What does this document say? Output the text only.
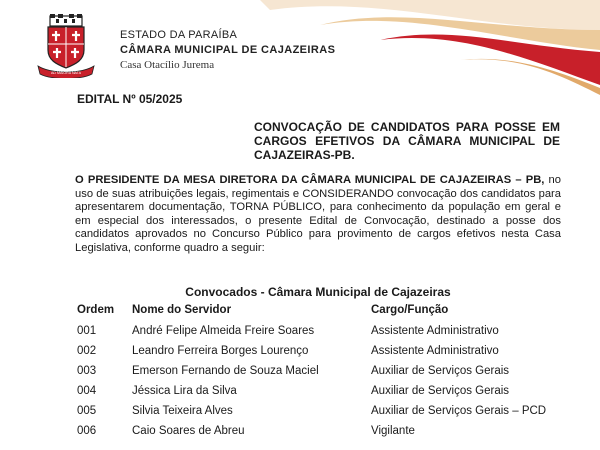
AD MAIORA NATA
ESTADO DA PARAÍBA
CÂMARA MUNICIPAL DE CAJAZEIRAS
Casa Otacílio Jurema
EDITAL Nº 05/2025
CONVOCAÇÃO DE CANDIDATOS PARA POSSE EM CARGOS EFETIVOS DA CÂMARA MUNICIPAL DE CAJAZEIRAS-PB.
O PRESIDENTE DA MESA DIRETORA DA CÂMARA MUNICIPAL DE CAJAZEIRAS – PB, no uso de suas atribuições legais, regimentais e CONSIDERANDO convocação dos candidatos para apresentarem documentação, TORNA PÚBLICO, para conhecimento da população em geral e em especial dos interessados, o presente Edital de Convocação, destinado a posse dos candidatos aprovados no Concurso Público para provimento de cargos efetivos nesta Casa Legislativa, conforme quadro a seguir:
Convocados - Câmara Municipal de Cajazeiras
Ordem	Nome do Servidor	Cargo/Função
001	André Felipe Almeida Freire Soares	Assistente Administrativo
002	Leandro Ferreira Borges Lourenço	Assistente Administrativo
003	Emerson Fernando de Souza Maciel	Auxiliar de Serviços Gerais
004	Jéssica Lira da Silva	Auxiliar de Serviços Gerais
005	Silvia Teixeira Alves	Auxiliar de Serviços Gerais – PCD
006	Caio Soares de Abreu	Vigilante
